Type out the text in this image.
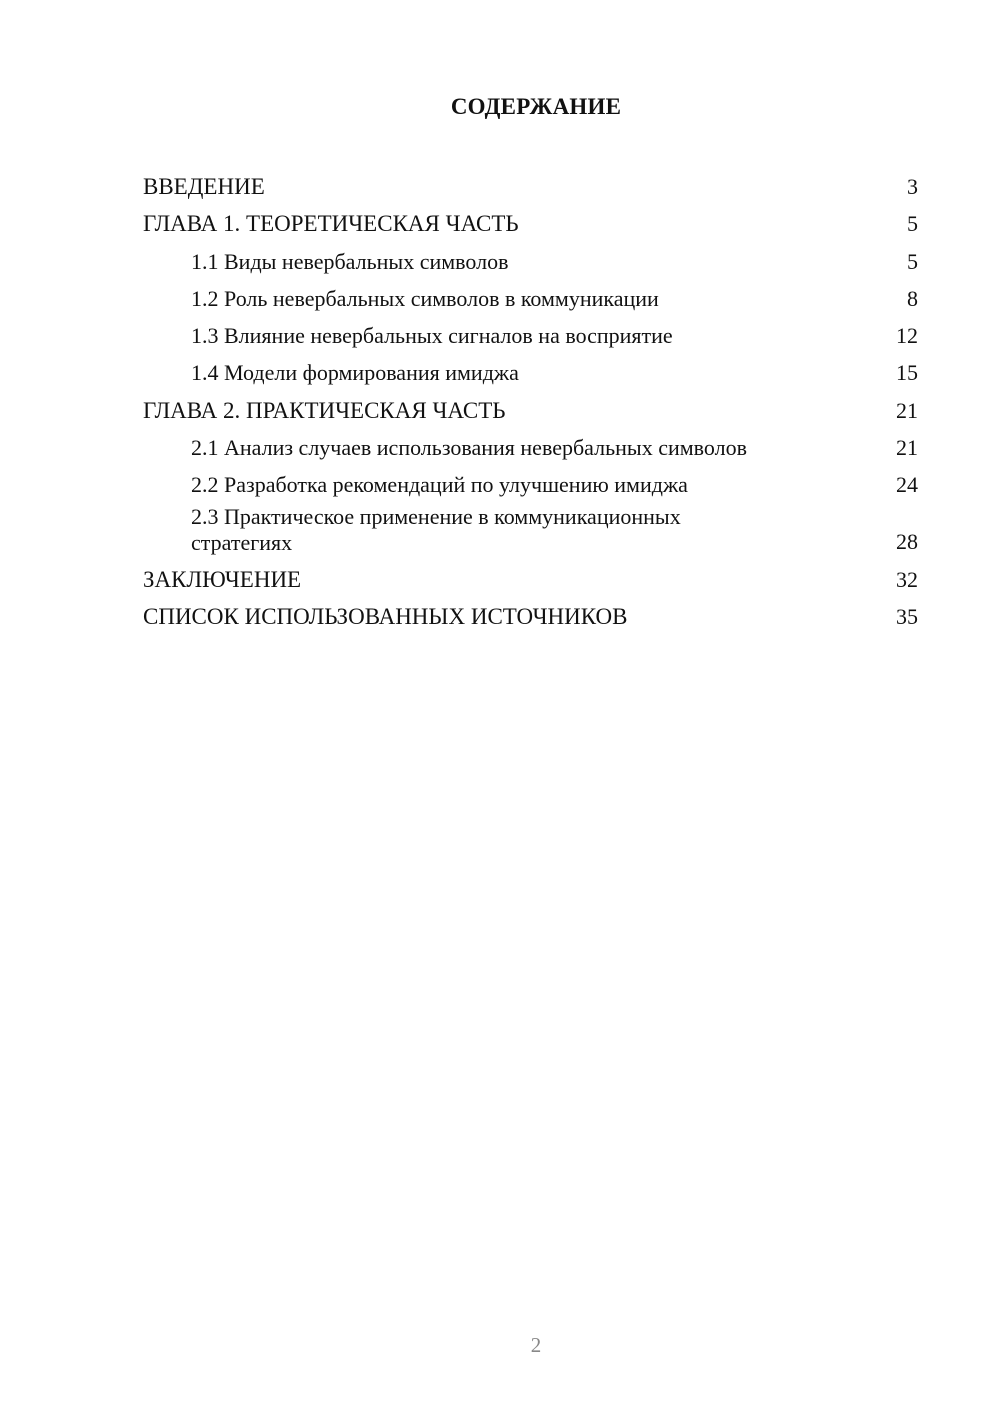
СОДЕРЖАНИЕ
ВВЕДЕНИЕ	3
ГЛАВА 1. ТЕОРЕТИЧЕСКАЯ ЧАСТЬ	5
1.1 Виды невербальных символов	5
1.2 Роль невербальных символов в коммуникации	8
1.3 Влияние невербальных сигналов на восприятие	12
1.4 Модели формирования имиджа	15
ГЛАВА 2. ПРАКТИЧЕСКАЯ ЧАСТЬ	21
2.1 Анализ случаев использования невербальных символов	21
2.2 Разработка рекомендаций по улучшению имиджа	24
2.3 Практическое применение в коммуникационных стратегиях	28
ЗАКЛЮЧЕНИЕ	32
СПИСОК ИСПОЛЬЗОВАННЫХ ИСТОЧНИКОВ	35
2
